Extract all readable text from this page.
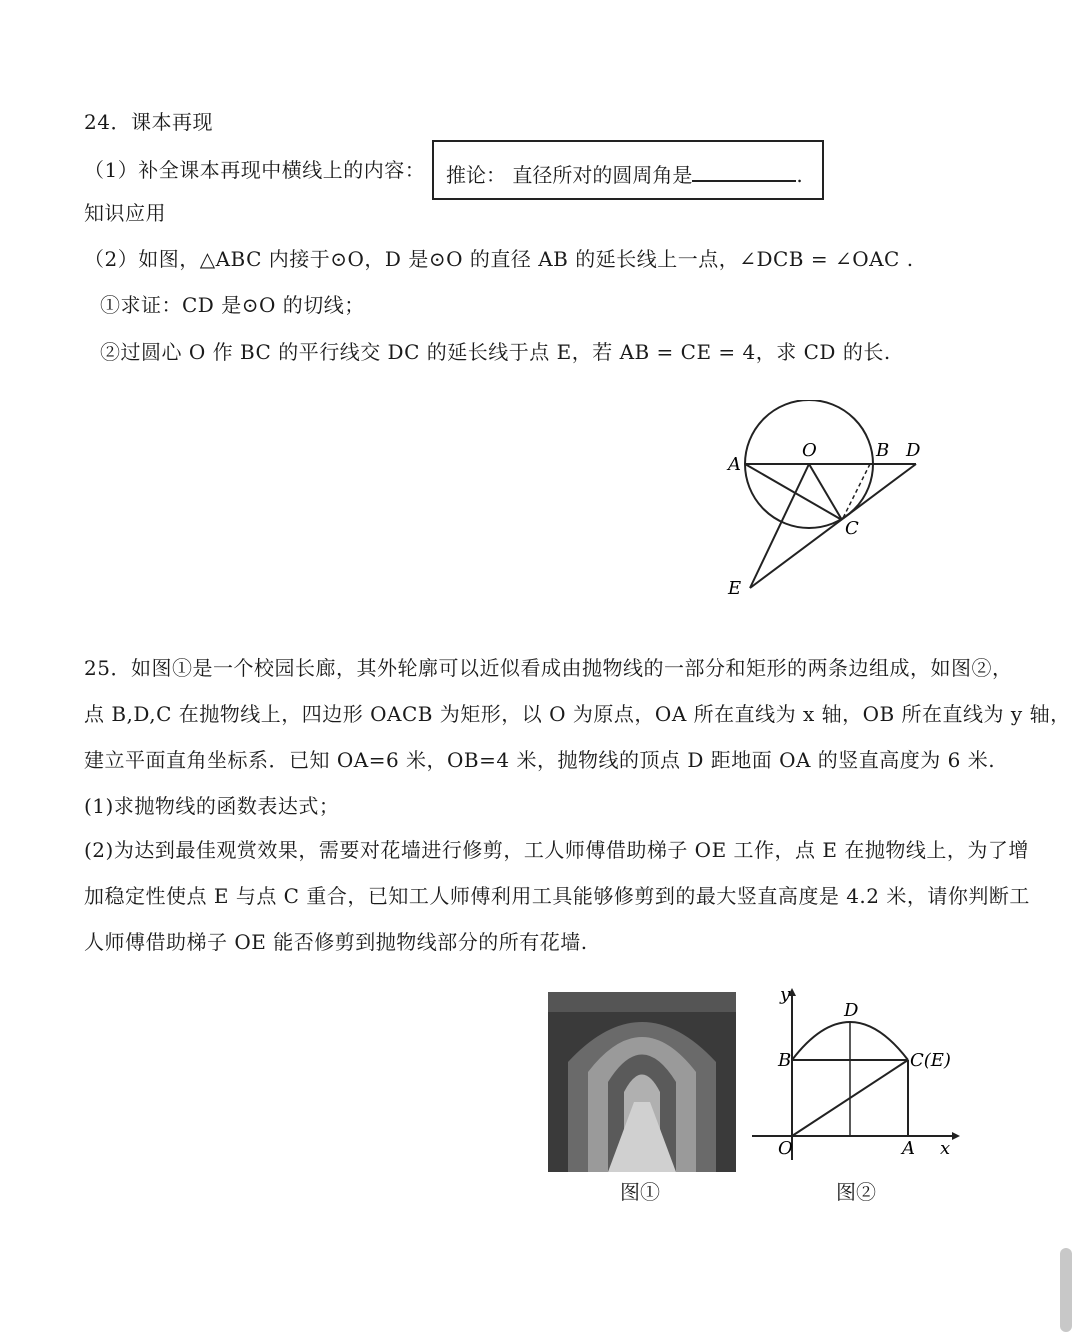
24．课本再现
（1）补全课本再现中横线上的内容： 推论： 直径所对的圆周角是	.
知识应用
（2）如图，△ABC 内接于⊙O，D 是⊙O 的直径 AB 的延长线上一点，∠DCB = ∠OAC .
①求证：CD 是⊙O 的切线；
②过圆心 O 作 BC 的平行线交 DC 的延长线于点 E，若 AB = CE = 4，求 CD 的长.
O
A
B D
C
E
25．如图①是一个校园长廊，其外轮廓可以近似看成由抛物线的一部分和矩形的两条边组成，如图②，
点 B,D,C 在抛物线上，四边形 OACB 为矩形，以 O 为原点，OA 所在直线为 x 轴，OB 所在直线为 y 轴，
建立平面直角坐标系．已知 OA=6 米，OB=4 米，抛物线的顶点 D 距地面 OA 的竖直高度为 6 米.
(1)求抛物线的函数表达式；
(2)为达到最佳观赏效果，需要对花墙进行修剪，工人师傅借助梯子 OE 工作，点 E 在抛物线上，为了增
加稳定性使点 E 与点 C 重合，已知工人师傅利用工具能够修剪到的最大竖直高度是 4.2 米，请你判断工
人师傅借助梯子 OE 能否修剪到抛物线部分的所有花墙.
图①
y
D
B	C(E)
O	A x
图②
